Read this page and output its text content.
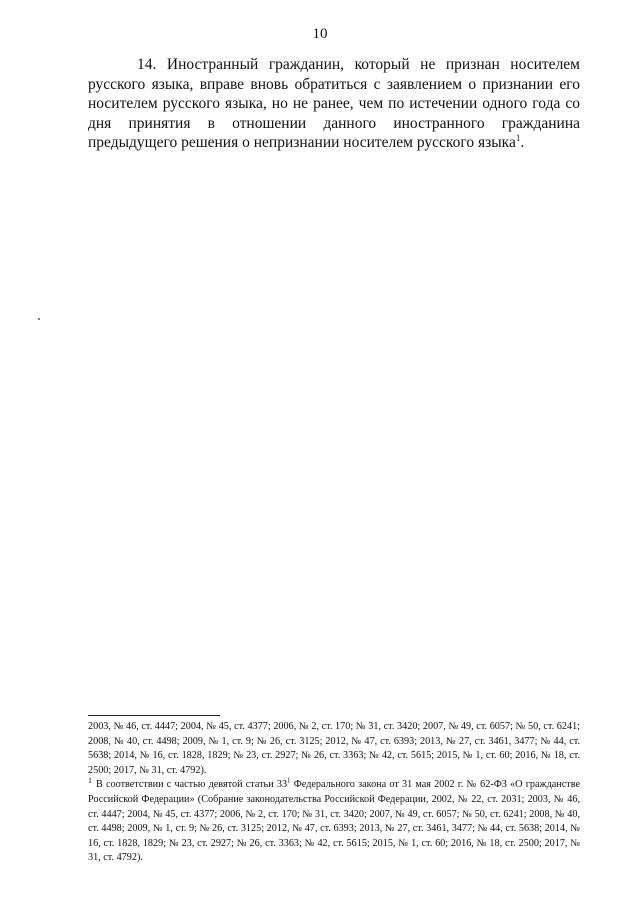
10

14. Иностранный гражданин, который не признан носителем русского языка, вправе вновь обратиться с заявлением о признании его носителем русского языка, но не ранее, чем по истечении одного года со дня принятия в отношении данного иностранного гражданина предыдущего решения о непризнании носителем русского языка$^1$.

2003, № 46, ст. 4447; 2004, № 45, ст. 4377; 2006, № 2, ст. 170; № 31, ст. 3420; 2007, № 49, ст. 6057; № 50, ст. 6241; 2008, № 40, ст. 4498; 2009, № 1, ст. 9; № 26, ст. 3125; 2012, № 47, ст. 6393; 2013, № 27, ст. 3461, 3477; № 44, ст. 5638; 2014, № 16, ст. 1828, 1829; № 23, ст. 2927; № 26, ст. 3363; № 42, ст. 5615; 2015, № 1, ст. 60; 2016, № 18, ст. 2500; 2017, № 31, ст. 4792).

$^1$ В соответствии с частью девятой статьи $33^1$ Федерального закона от 31 мая 2002 г. № 62-ФЗ «О гражданстве Российской Федерации» (Собрание законодательства Российской Федерации, 2002, № 22, ст. 2031; 2003, № 46, ст. 4447; 2004, № 45, ст. 4377; 2006, № 2, ст. 170; № 31, ст. 3420; 2007, № 49, ст. 6057; № 50, ст. 6241; 2008, № 40, ст. 4498; 2009, № 1, ст. 9; № 26, ст. 3125; 2012, № 47, ст. 6393; 2013, № 27, ст. 3461, 3477; № 44, ст. 5638; 2014, № 16, ст. 1828, 1829; № 23, ст. 2927; № 26, ст. 3363; № 42, ст. 5615; 2015, № 1, ст. 60; 2016, № 18, ст. 2500; 2017, № 31, ст. 4792).
